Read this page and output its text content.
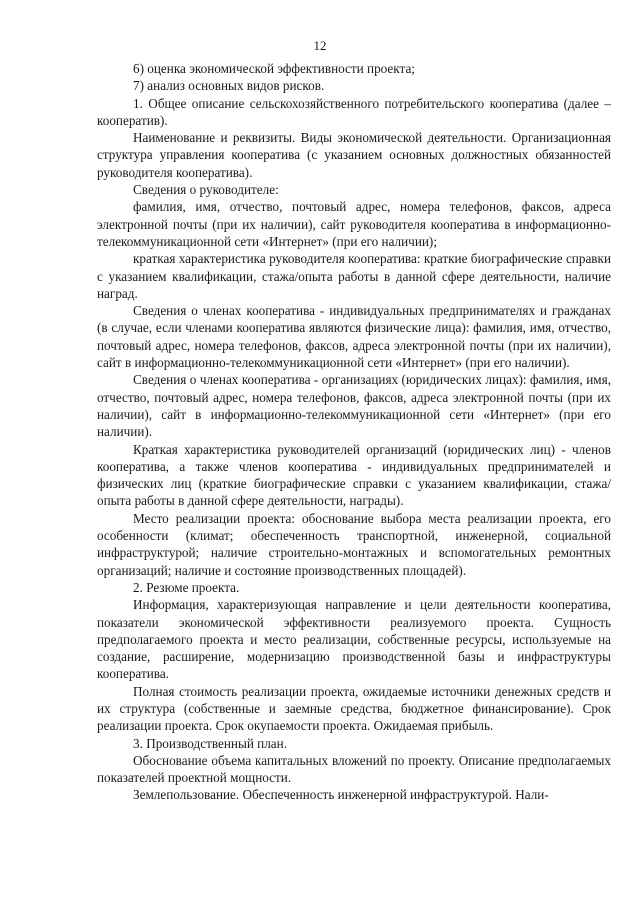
12

6) оценка экономической эффективности проекта;

7) анализ основных видов рисков.

1. Общее описание сельскохозяйственного потребительского кооператива (далее – кооператив).

Наименование и реквизиты. Виды экономической деятельности. Организационная структура управления кооператива (с указанием основных должностных обязанностей руководителя кооператива).

Сведения о руководителе:

фамилия, имя, отчество, почтовый адрес, номера телефонов, факсов, адреса электронной почты (при их наличии), сайт руководителя кооператива в информационно-телекоммуникационной сети «Интернет» (при его наличии);

краткая характеристика руководителя кооператива: краткие биографические справки с указанием квалификации, стажа/опыта работы в данной сфере деятельности, наличие наград.

Сведения о членах кооператива - индивидуальных предпринимателях и гражданах (в случае, если членами кооператива являются физические лица): фамилия, имя, отчество, почтовый адрес, номера телефонов, факсов, адреса электронной почты (при их наличии), сайт в информационно-телекоммуникационной сети «Интернет» (при его наличии).

Сведения о членах кооператива - организациях (юридических лицах): фамилия, имя, отчество, почтовый адрес, номера телефонов, факсов, адреса электронной почты (при их наличии), сайт в информационно-телекоммуникационной сети «Интернет» (при его наличии).

Краткая характеристика руководителей организаций (юридических лиц) - членов кооператива, а также членов кооператива - индивидуальных предпринимателей и физических лиц (краткие биографические справки с указанием квалификации, стажа/опыта работы в данной сфере деятельности, награды).

Место реализации проекта: обоснование выбора места реализации проекта, его особенности (климат; обеспеченность транспортной, инженерной, социальной инфраструктурой; наличие строительно-монтажных и вспомогательных ремонтных организаций; наличие и состояние производственных площадей).

2. Резюме проекта.

Информация, характеризующая направление и цели деятельности кооператива, показатели экономической эффективности реализуемого проекта. Сущность предполагаемого проекта и место реализации, собственные ресурсы, используемые на создание, расширение, модернизацию производственной базы и инфраструктуры кооператива.

Полная стоимость реализации проекта, ожидаемые источники денежных средств и их структура (собственные и заемные средства, бюджетное финансирование). Срок реализации проекта. Срок окупаемости проекта. Ожидаемая прибыль.

3. Производственный план.

Обоснование объема капитальных вложений по проекту. Описание предполагаемых показателей проектной мощности.

Землепользование. Обеспеченность инженерной инфраструктурой. Нали-
